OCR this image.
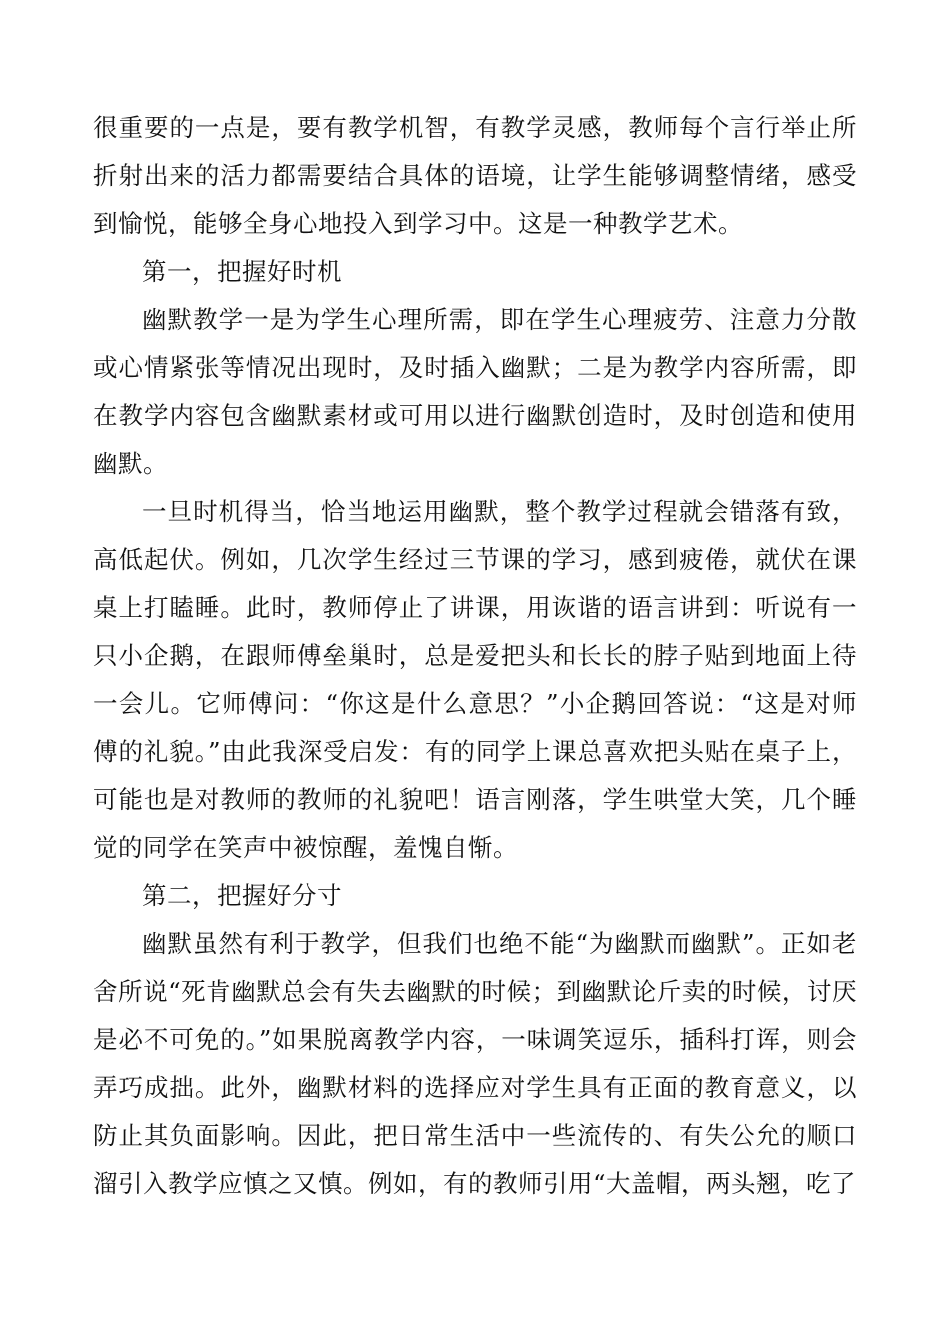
很重要的一点是，要有教学机智，有教学灵感，教师每个言行举止所折射出来的活力都需要结合具体的语境，让学生能够调整情绪，感受到愉悦，能够全身心地投入到学习中。这是一种教学艺术。

第一，把握好时机

幽默教学一是为学生心理所需，即在学生心理疲劳、注意力分散或心情紧张等情况出现时，及时插入幽默；二是为教学内容所需，即在教学内容包含幽默素材或可用以进行幽默创造时，及时创造和使用幽默。

一旦时机得当，恰当地运用幽默，整个教学过程就会错落有致，高低起伏。例如，几次学生经过三节课的学习，感到疲倦，就伏在课桌上打瞌睡。此时，教师停止了讲课，用诙谐的语言讲到：听说有一只小企鹅，在跟师傅垒巢时，总是爱把头和长长的脖子贴到地面上待一会儿。它师傅问：“你这是什么意思？”小企鹅回答说：“这是对师傅的礼貌。”由此我深受启发：有的同学上课总喜欢把头贴在桌子上，可能也是对教师的教师的礼貌吧！语言刚落，学生哄堂大笑，几个睡觉的同学在笑声中被惊醒，羞愧自惭。

第二，把握好分寸

幽默虽然有利于教学，但我们也绝不能“为幽默而幽默”。正如老舍所说“死肯幽默总会有失去幽默的时候；到幽默论斤卖的时候，讨厌是必不可免的。”如果脱离教学内容，一味调笑逗乐，插科打诨，则会弄巧成拙。此外，幽默材料的选择应对学生具有正面的教育意义，以防止其负面影响。因此，把日常生活中一些流传的、有失公允的顺口溜引入教学应慎之又慎。例如，有的教师引用“大盖帽，两头翘，吃了
